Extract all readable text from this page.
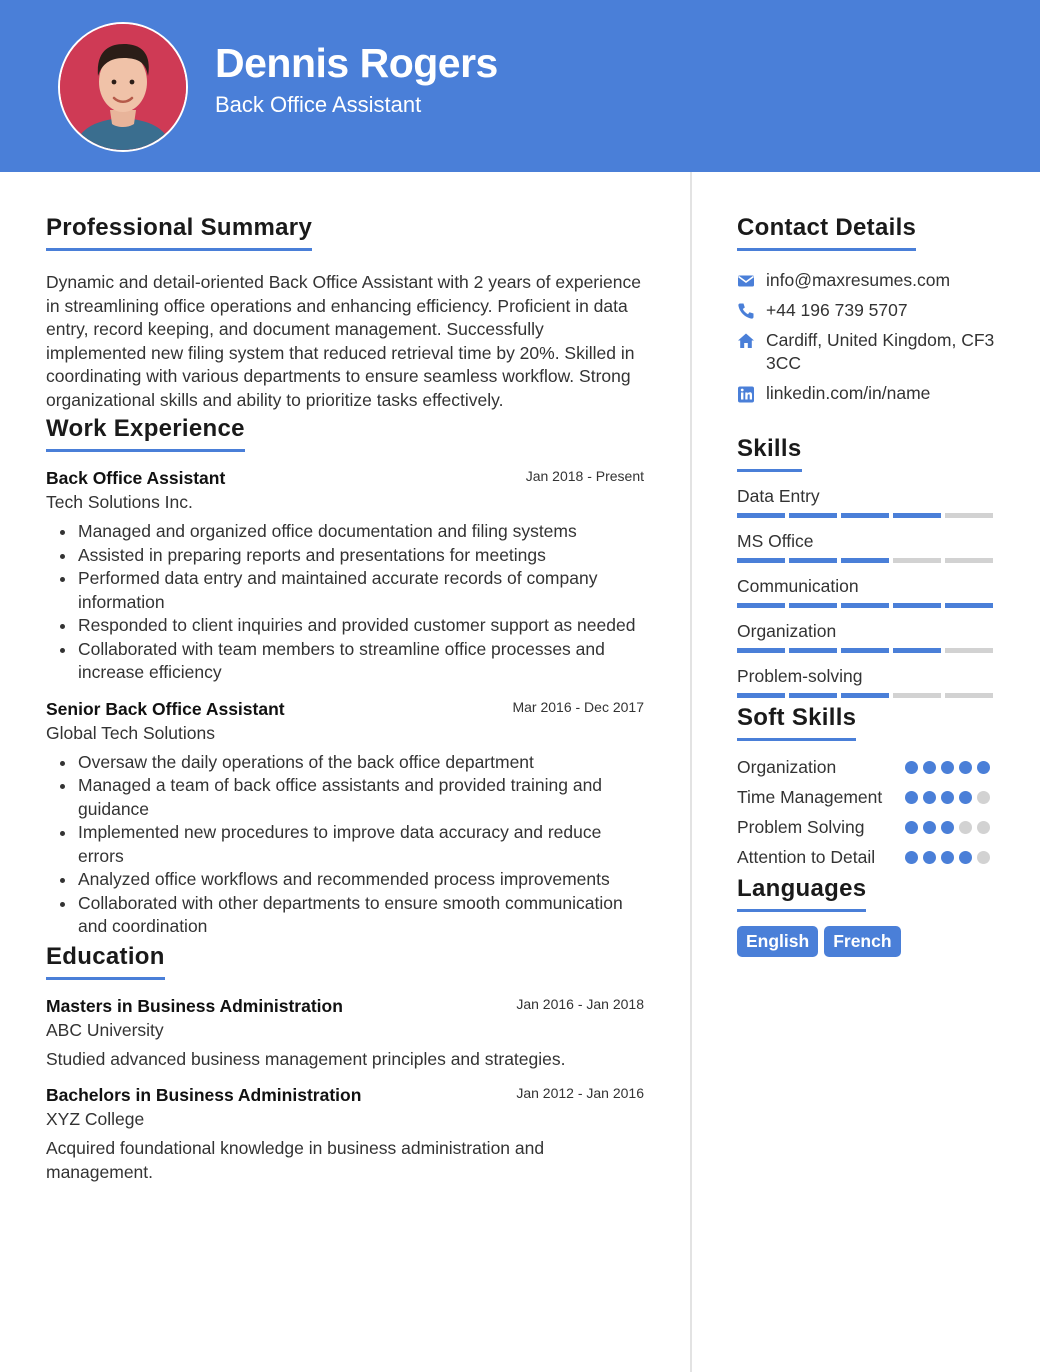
Dennis Rogers
Back Office Assistant
Professional Summary

Dynamic and detail-oriented Back Office Assistant with 2 years of experience in streamlining office operations and enhancing efficiency. Proficient in data entry, record keeping, and document management. Successfully implemented new filing system that reduced retrieval time by 20%. Skilled in coordinating with various departments to ensure seamless workflow. Strong organizational skills and ability to prioritize tasks effectively.

Work Experience
Back Office Assistant	Jan 2018 - Present
Tech Solutions Inc.
Managed and organized office documentation and filing systems
Assisted in preparing reports and presentations for meetings
Performed data entry and maintained accurate records of company information
Responded to client inquiries and provided customer support as needed
Collaborated with team members to streamline office processes and increase efficiency
Senior Back Office Assistant	Mar 2016 - Dec 2017
Global Tech Solutions
Oversaw the daily operations of the back office department
Managed a team of back office assistants and provided training and guidance
Implemented new procedures to improve data accuracy and reduce errors
Analyzed office workflows and recommended process improvements
Collaborated with other departments to ensure smooth communication and coordination
Education
Masters in Business Administration	Jan 2016 - Jan 2018
ABC University

Studied advanced business management principles and strategies.

Bachelors in Business Administration	Jan 2012 - Jan 2016
XYZ College

Acquired foundational knowledge in business administration and management.

Contact Details
info@maxresumes.com
+44 196 739 5707
Cardiff, United Kingdom, CF3 3CC
linkedin.com/in/name
Skills
Data Entry
MS Office
Communication
Organization
Problem-solving
Soft Skills
Organization
Time Management
Problem Solving
Attention to Detail
Languages
English	French
